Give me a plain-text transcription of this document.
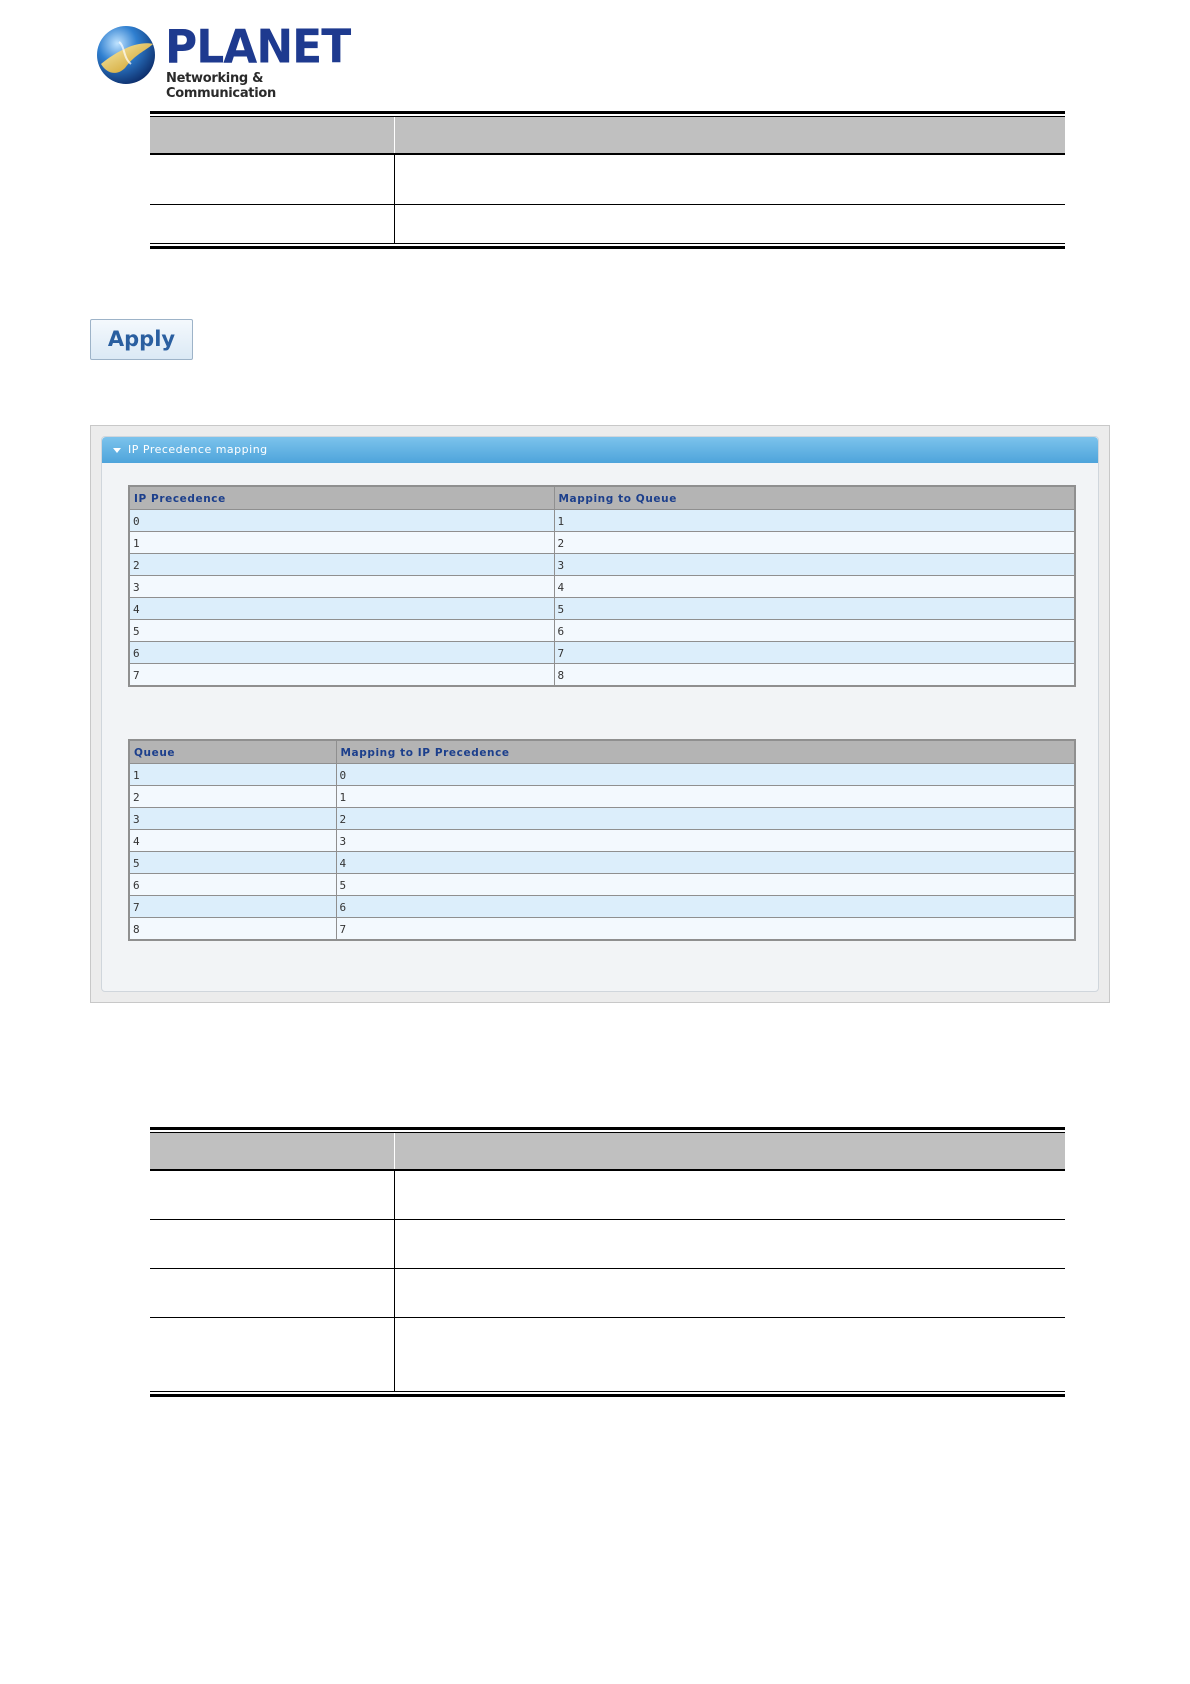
PLANET
Networking & Communication
Apply
IP Precedence mapping
IP Precedence	Mapping to Queue
0	1
1	2
2	3
3	4
4	5
5	6
6	7
7	8
Queue	Mapping to IP Precedence
1	0
2	1
3	2
4	3
5	4
6	5
7	6
8	7
